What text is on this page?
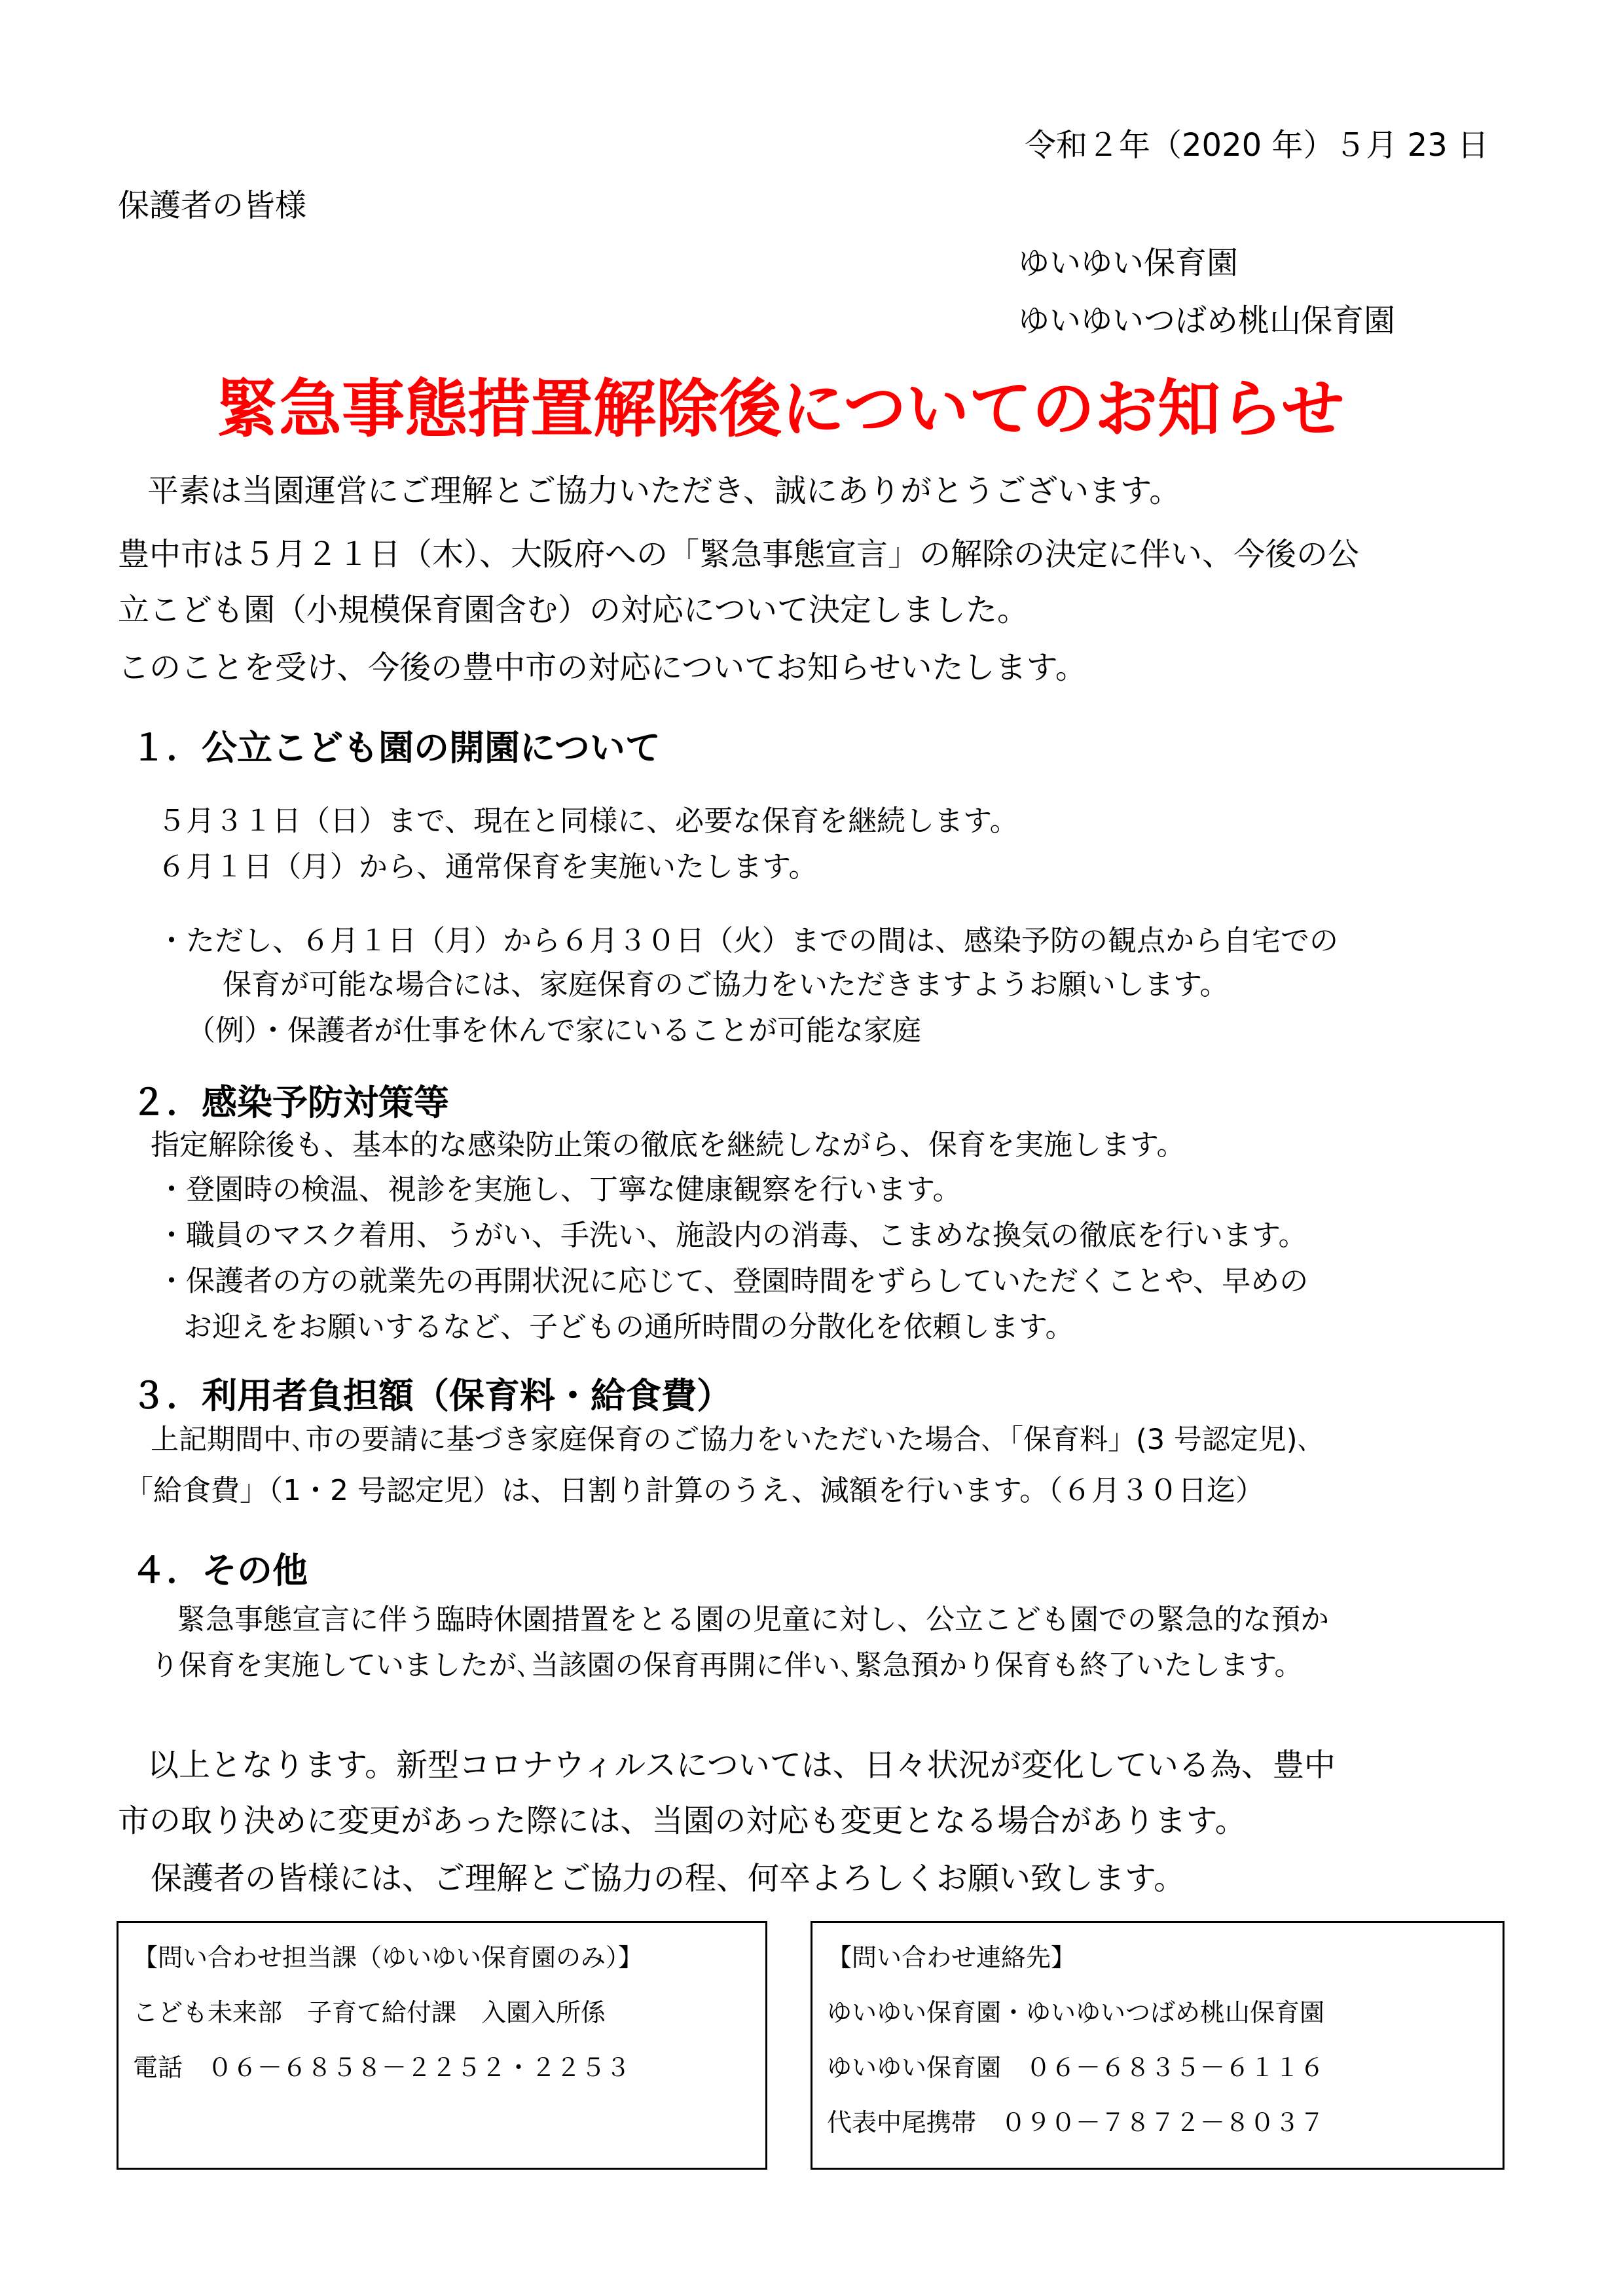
令和２年（2020 年）５月 23 日
保護者の皆様
ゆいゆい保育園
ゆいゆいつばめ桃山保育園
緊急事態措置解除後についてのお知らせ
平素は当園運営にご理解とご協力いただき、誠にありがとうございます。
豊中市は５月２１日（木）、大阪府への「緊急事態宣言」の解除の決定に伴い、今後の公
立こども園（小規模保育園含む）の対応について決定しました。
このことを受け、今後の豊中市の対応についてお知らせいたします。
１．公立こども園の開園について
５月３１日（日）まで、現在と同様に、必要な保育を継続します。
６月１日（月）から、通常保育を実施いたします。
・ただし、６月１日（月）から６月３０日（火）までの間は、感染予防の観点から自宅での
保育が可能な場合には、家庭保育のご協力をいただきますようお願いします。
（例）・保護者が仕事を休んで家にいることが可能な家庭
２．感染予防対策等
指定解除後も、基本的な感染防止策の徹底を継続しながら、保育を実施します。
・登園時の検温、視診を実施し、丁寧な健康観察を行います。
・職員のマスク着用、うがい、手洗い、施設内の消毒、こまめな換気の徹底を行います。
・保護者の方の就業先の再開状況に応じて、登園時間をずらしていただくことや、早めの
お迎えをお願いするなど、子どもの通所時間の分散化を依頼します。
３．利用者負担額（保育料・給食費）
上記期間中､市の要請に基づき家庭保育のご協力をいただいた場合､「保育料」(3 号認定児)､
「給食費」（1・2 号認定児）は、日割り計算のうえ、減額を行います。（６月３０日迄）
４．その他
緊急事態宣言に伴う臨時休園措置をとる園の児童に対し、公立こども園での緊急的な預か
り保育を実施していましたが､当該園の保育再開に伴い､緊急預かり保育も終了いたします。
以上となります。新型コロナウィルスについては、日々状況が変化している為、豊中
市の取り決めに変更があった際には、当園の対応も変更となる場合があります。
保護者の皆様には、ご理解とご協力の程、何卒よろしくお願い致します。
【問い合わせ担当課（ゆいゆい保育園のみ）】
こども未来部　子育て給付課　入園入所係
電話　０６－６８５８－２２５２・２２５３
【問い合わせ連絡先】
ゆいゆい保育園・ゆいゆいつばめ桃山保育園
ゆいゆい保育園　０６－６８３５－６１１６
代表中尾携帯　０９０－７８７２－８０３７
